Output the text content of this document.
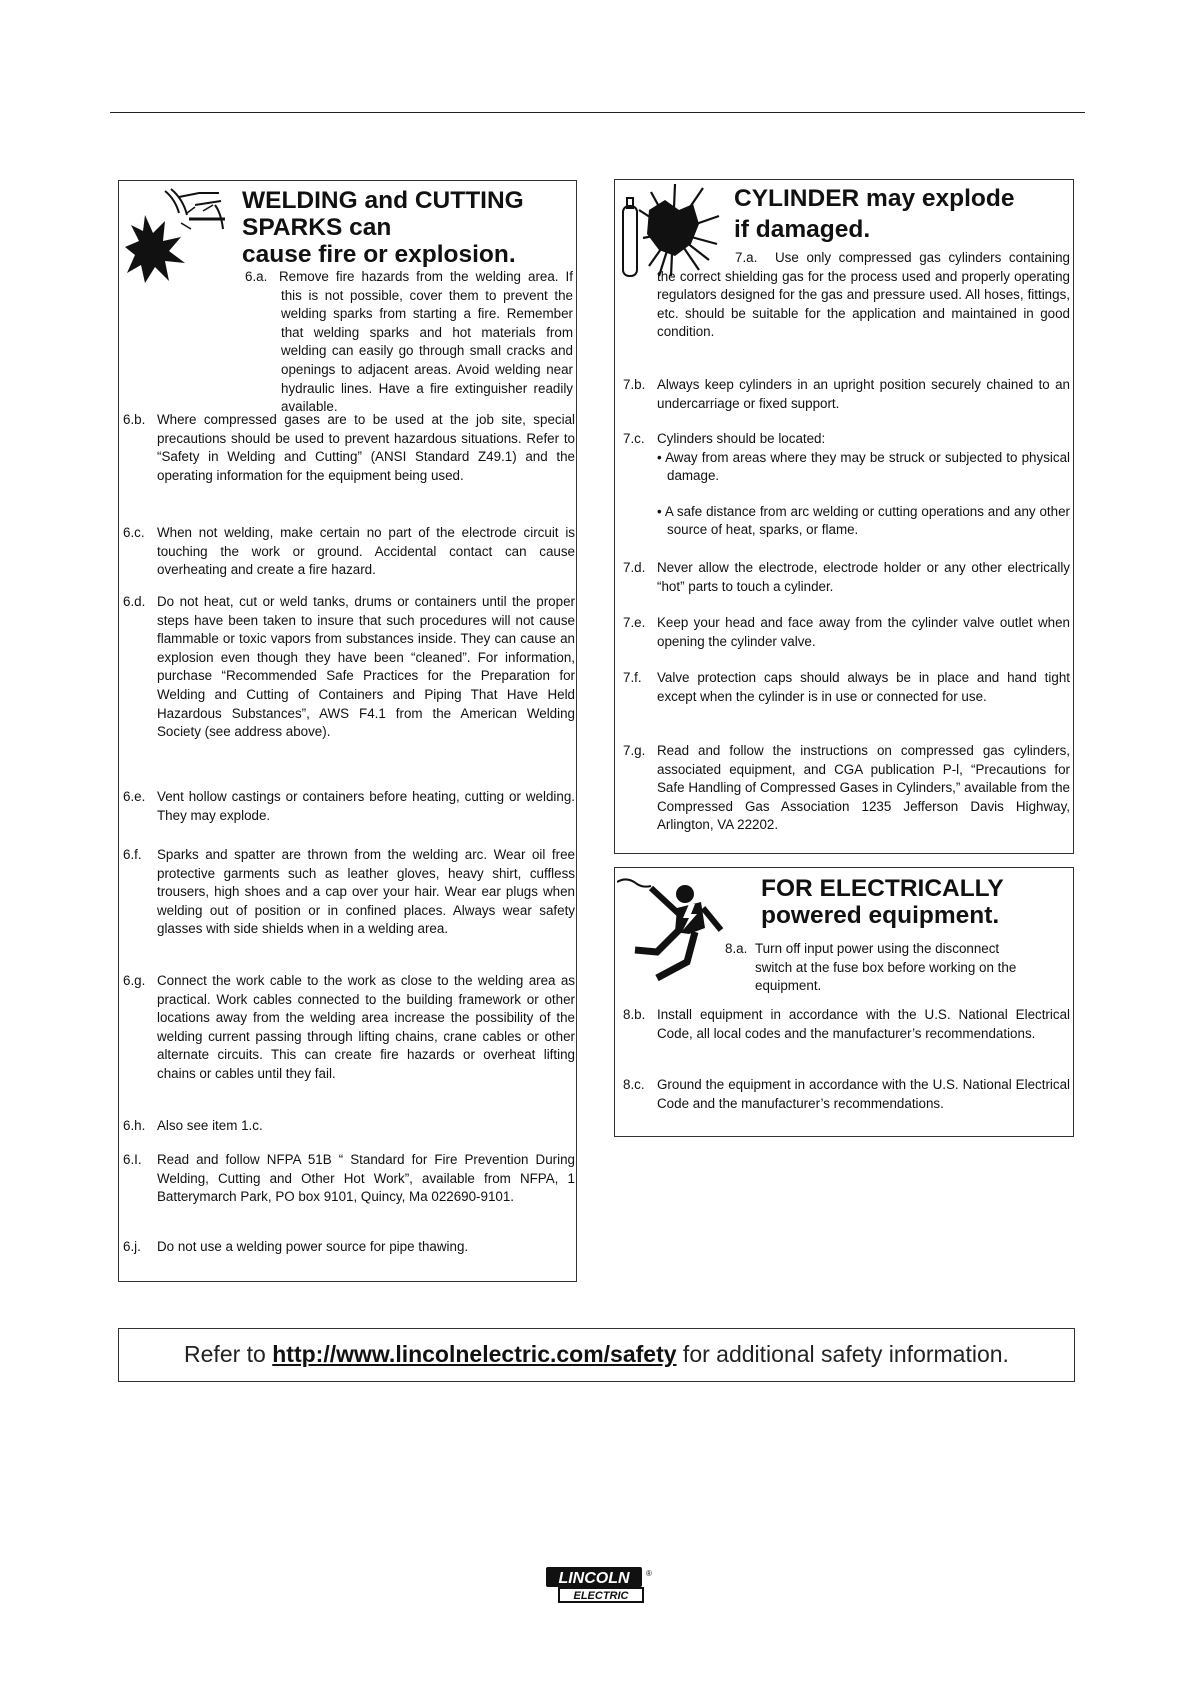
WELDING and CUTTING
SPARKS can
cause fire or explosion.
6.a. Remove fire hazards from the welding area. If this is not possible, cover them to prevent the welding sparks from starting a fire. Remember that welding sparks and hot materials from welding can easily go through small cracks and openings to adjacent areas. Avoid welding near hydraulic lines. Have a fire extinguisher readily available.
6.b. Where compressed gases are to be used at the job site, special precautions should be used to prevent hazardous situations. Refer to “Safety in Welding and Cutting” (ANSI Standard Z49.1) and the operating information for the equipment being used.
6.c. When not welding, make certain no part of the electrode circuit is touching the work or ground. Accidental contact can cause overheating and create a fire hazard.
6.d. Do not heat, cut or weld tanks, drums or containers until the proper steps have been taken to insure that such procedures will not cause flammable or toxic vapors from substances inside. They can cause an explosion even though they have been “cleaned”. For information, purchase “Recommended Safe Practices for the Preparation for Welding and Cutting of Containers and Piping That Have Held Hazardous Substances”, AWS F4.1 from the American Welding Society (see address above).
6.e. Vent hollow castings or containers before heating, cutting or welding. They may explode.
6.f.	Sparks and spatter are thrown from the welding arc. Wear oil free protective garments such as leather gloves, heavy shirt, cuffless trousers, high shoes and a cap over your hair. Wear ear plugs when welding out of position or in confined places. Always wear safety glasses with side shields when in a welding area.
6.g. Connect the work cable to the work as close to the welding area as practical. Work cables connected to the building framework or other locations away from the welding area increase the possibility of the welding current passing through lifting chains, crane cables or other alternate circuits. This can create fire hazards or overheat lifting chains or cables until they fail.
6.h. Also see item 1.c.
6.I.	Read and follow NFPA 51B “ Standard for Fire Prevention During Welding, Cutting and Other Hot Work”, available from NFPA, 1 Batterymarch Park, PO box 9101, Quincy, Ma 022690-9101.
6.j.	Do not use a welding power source for pipe thawing.
CYLINDER may explode
if damaged.
7.a.	Use only compressed gas cylinders containing the correct shielding gas for the process used and properly operating regulators designed for the gas and pressure used. All hoses, fittings, etc. should be suitable for the application and maintained in good condition.
7.b. Always keep cylinders in an upright position securely chained to an undercarriage or fixed support.
7.c. Cylinders should be located:
• Away from areas where they may be struck or subjected to physical damage.
• A safe distance from arc welding or cutting operations and any other source of heat, sparks, or flame.
7.d. Never allow the electrode, electrode holder or any other electrically “hot” parts to touch a cylinder.
7.e. Keep your head and face away from the cylinder valve outlet when opening the cylinder valve.
7.f.	Valve protection caps should always be in place and hand tight except when the cylinder is in use or connected for use.
7.g. Read and follow the instructions on compressed gas cylinders, associated equipment, and CGA publication P-l, “Precautions for Safe Handling of Compressed Gases in Cylinders,” available from the Compressed Gas Association 1235 Jefferson Davis Highway, Arlington, VA 22202.
FOR ELECTRICALLY
powered equipment.
8.a. Turn off input power using the disconnect switch at the fuse box before working on the equipment.
8.b. Install equipment in accordance with the U.S. National Electrical Code, all local codes and the manufacturer’s recommendations.
8.c. Ground the equipment in accordance with the U.S. National Electrical Code and the manufacturer’s recommendations.
Refer to http://www.lincolnelectric.com/safety for additional safety information.
LINCOLN ®
ELECTRIC
